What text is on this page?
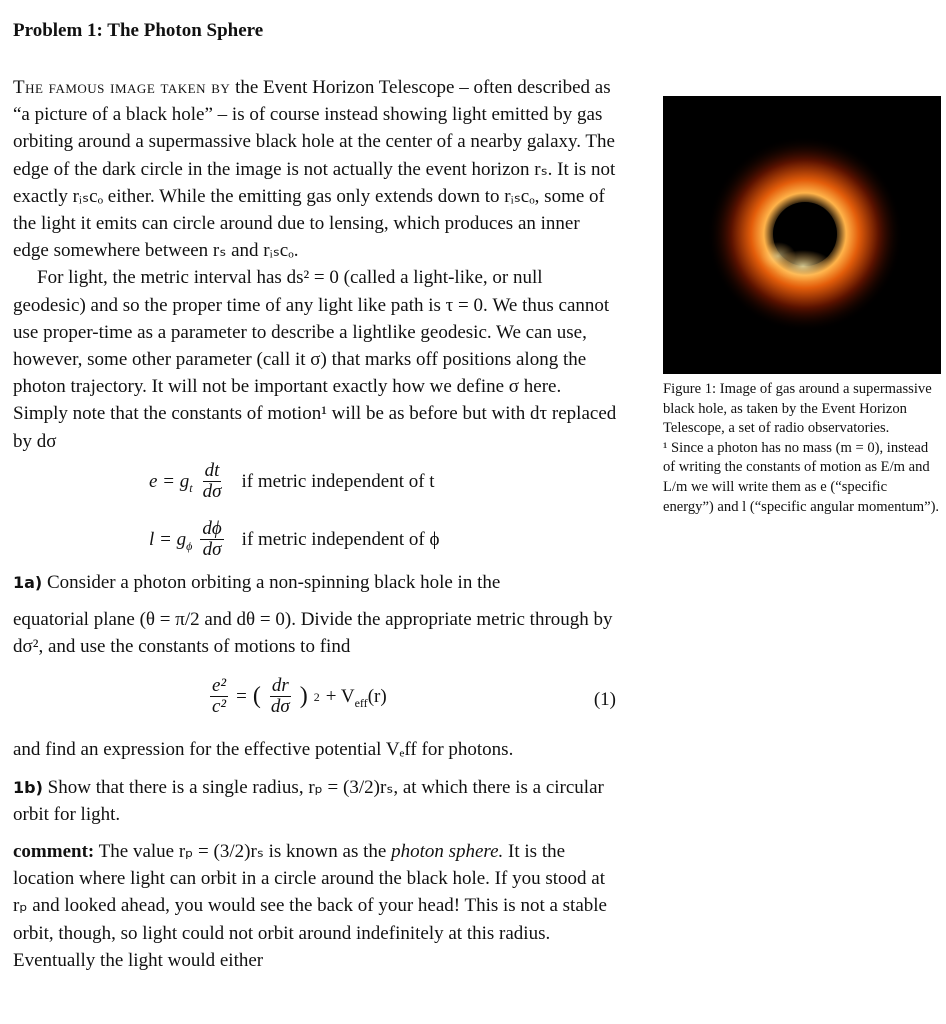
Problem 1: The Photon Sphere

The famous image taken by the Event Horizon Telescope – often described as “a picture of a black hole” – is of course instead showing light emitted by gas orbiting around a supermassive black hole at the center of a nearby galaxy. The edge of the dark circle in the image is not actually the event horizon rₛ. It is not exactly rᵢₛcₒ either. While the emitting gas only extends down to rᵢₛcₒ, some of the light it emits can circle around due to lensing, which produces an inner edge somewhere between rₛ and rᵢₛcₒ.

For light, the metric interval has ds² = 0 (called a light-like, or null geodesic) and so the proper time of any light like path is τ = 0. We thus cannot use proper-time as a parameter to describe a lightlike geodesic. We can use, however, some other parameter (call it σ) that marks off positions along the photon trajectory. It will not be important exactly how we define σ here. Simply note that the constants of motion¹ will be as before but with dτ replaced by dσ

$e = g_t \frac{dt}{d\sigma}$ if metric independent of t
$l = g_\phi \frac{d\phi}{d\sigma}$ if metric independent of ϕ

1a) Consider a photon orbiting a non-spinning black hole in the

equatorial plane (θ = π/2 and dθ = 0). Divide the appropriate metric through by dσ², and use the constants of motions to find

$\frac{\text{e²}}{\text{c²}}$ = ( $\frac{dr}{d\sigma}$ ) $2 + V_{eff}(r)$	(1)

and find an expression for the effective potential Vₑff for photons.

1b) Show that there is a single radius, rₚ = (3/2)rₛ, at which there is a circular orbit for light.

comment: The value rₚ = (3/2)rₛ is known as the photon sphere. It is the location where light can orbit in a circle around the black hole. If you stood at rₚ and looked ahead, you would see the back of your head! This is not a stable orbit, though, so light could not orbit around indefinitely at this radius. Eventually the light would either

Figure 1: Image of gas around a supermassive black hole, as taken by the Event Horizon Telescope, a set of radio observatories.
¹ Since a photon has no mass (m = 0), instead of writing the constants of motion as E/m and L/m we will write them as e (“specific energy”) and l (“specific angular momentum”).
